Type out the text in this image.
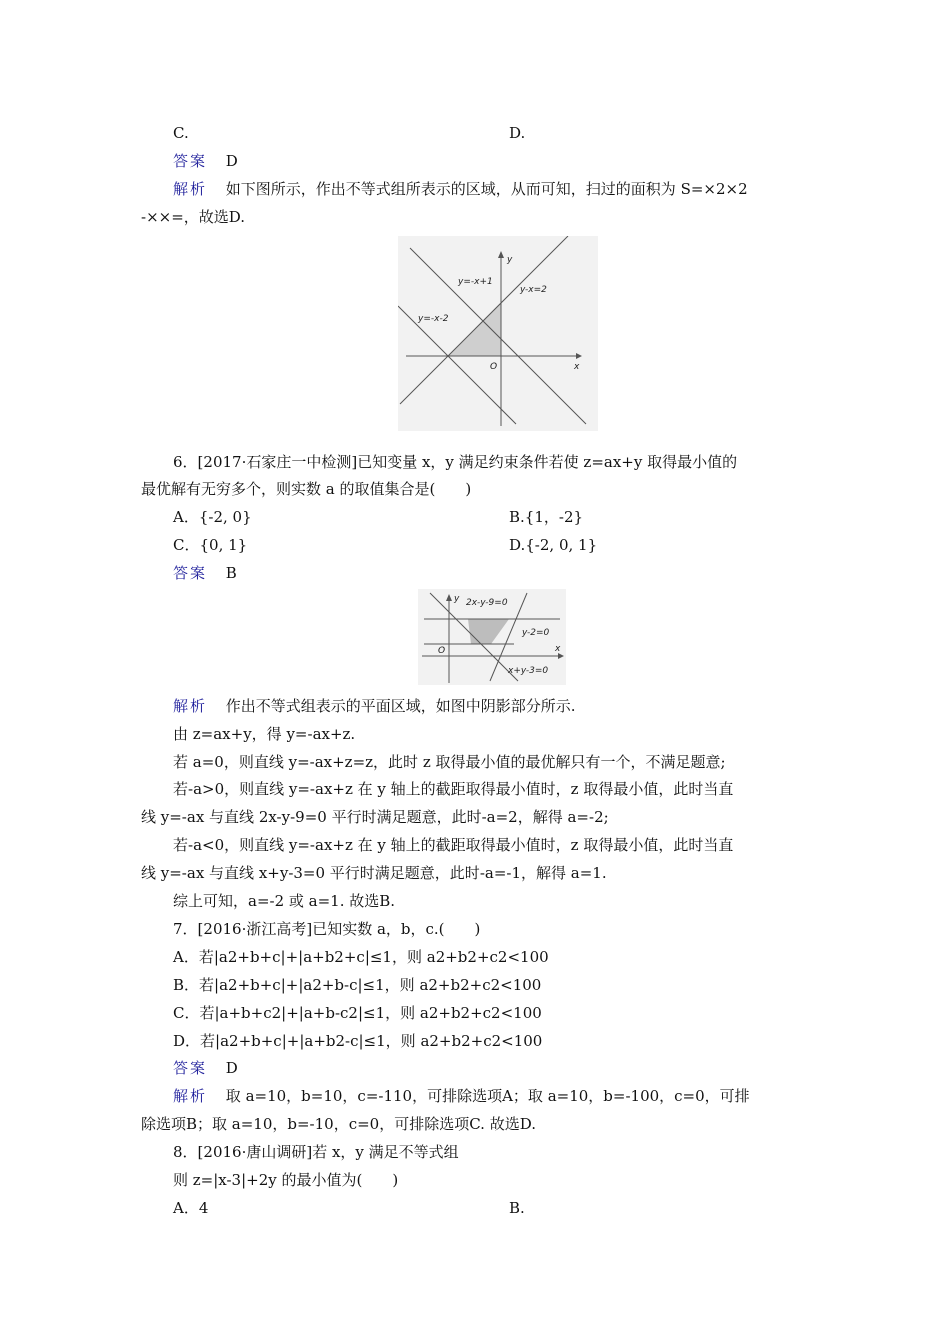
C.	D.
答案 D
解析 如下图所示，作出不等式组所表示的区域，从而可知，扫过的面积为 S=×2×2
-××=，故选D.
y=-x+1
y-x=2
y=-x-2
x
y
O
6．[2017·石家庄一中检测]已知变量 x，y 满足约束条件若使 z=ax+y 取得最小值的
最优解有无穷多个，则实数 a 的取值集合是(　　)
A．{-2, 0}	B.{1，-2}
C．{0, 1}	D.{-2, 0, 1}
答案 B
2x-y-9=0
y-2=0
x+y-3=0
x
y
O
解析 作出不等式组表示的平面区域，如图中阴影部分所示.
由 z=ax+y，得 y=-ax+z.
若 a=0，则直线 y=-ax+z=z，此时 z 取得最小值的最优解只有一个，不满足题意;
若-a>0，则直线 y=-ax+z 在 y 轴上的截距取得最小值时，z 取得最小值，此时当直
线 y=-ax 与直线 2x-y-9=0 平行时满足题意，此时-a=2，解得 a=-2;
若-a<0，则直线 y=-ax+z 在 y 轴上的截距取得最小值时，z 取得最小值，此时当直
线 y=-ax 与直线 x+y-3=0 平行时满足题意，此时-a=-1，解得 a=1.
综上可知，a=-2 或 a=1. 故选B.
7．[2016·浙江高考]已知实数 a，b，c.(　　)
A．若|a2+b+c|+|a+b2+c|≤1，则 a2+b2+c2<100
B．若|a2+b+c|+|a2+b-c|≤1，则 a2+b2+c2<100
C．若|a+b+c2|+|a+b-c2|≤1，则 a2+b2+c2<100
D．若|a2+b+c|+|a+b2-c|≤1，则 a2+b2+c2<100
答案 D
解析 取 a=10，b=10，c=-110，可排除选项A；取 a=10，b=-100，c=0，可排
除选项B；取 a=10，b=-10，c=0，可排除选项C. 故选D.
8．[2016·唐山调研]若 x，y 满足不等式组
则 z=|x-3|+2y 的最小值为(　　)
A．4	B.
